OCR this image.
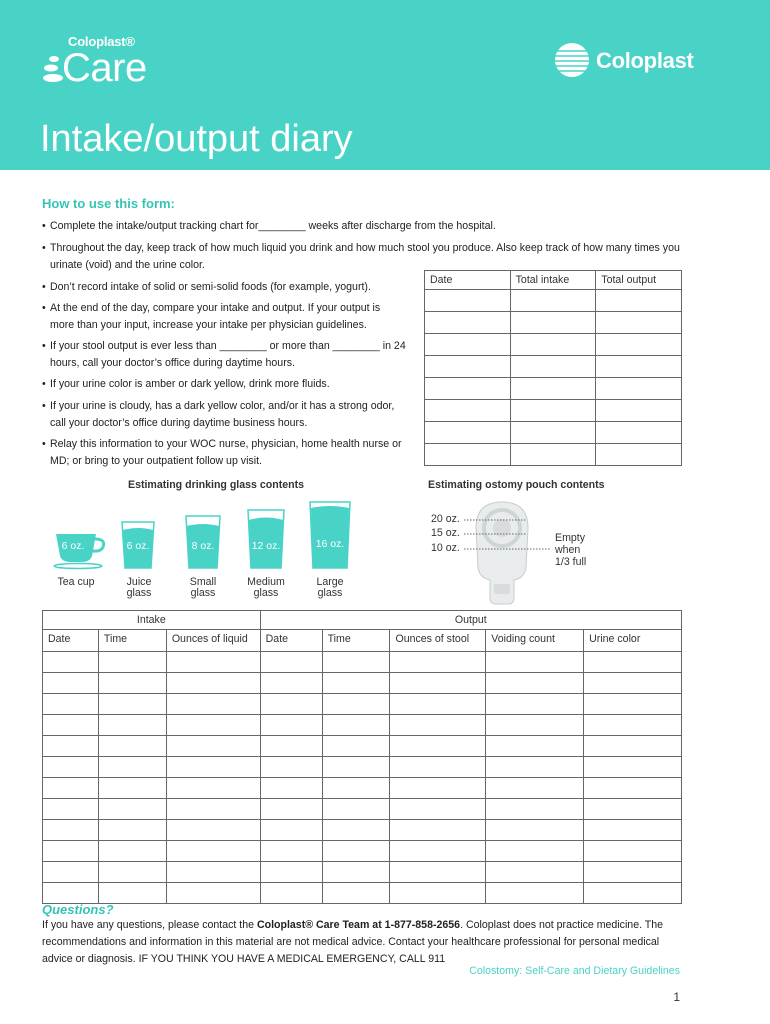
Coloplast®
Care	Coloplast
Intake/output diary
How to use this form:
• Complete the intake/output tracking chart for________ weeks after discharge from the hospital.
• Throughout the day, keep track of how much liquid you drink and how much stool you produce. Also keep track of how many times you
urinate (void) and the urine color.
• Don’t record intake of solid or semi-solid foods (for example, yogurt).
• At the end of the day, compare your intake and output. If your output is
more than your input, increase your intake per physician guidelines.
• If your stool output is ever less than ________ or more than ________ in 24
hours, call your doctor’s office during daytime hours.
• If your urine color is amber or dark yellow, drink more fluids.
• If your urine is cloudy, has a dark yellow color, and/or it has a strong odor,
call your doctor’s office during daytime business hours.
• Relay this information to your WOC nurse, physician, home health nurse or
MD; or bring to your outpatient follow up visit.
Date	Total intake	Total output

Estimating drinking glass contents
6 oz.	6 oz.	8 oz.	12 oz.	16 oz.
Tea cup	Juice
glass
Small
glass
Medium
glass
Large
glass
Estimating ostomy pouch contents
20 oz.
15 oz.
10 oz.
Empty
when
1/3 full
Intake			Output				
Date	Time	Ounces of liquid	Date	Time	Ounces of stool	Voiding count	Urine color

Questions?
If you have any questions, please contact the Coloplast® Care Team at 1-877-858-2656. Coloplast does not practice medicine. The recommendations and information in this material are not medical advice. Contact your healthcare professional for personal medical advice or diagnosis. IF YOU THINK YOU HAVE A MEDICAL EMERGENCY, CALL 911
Colostomy: Self-Care and Dietary Guidelines
1
